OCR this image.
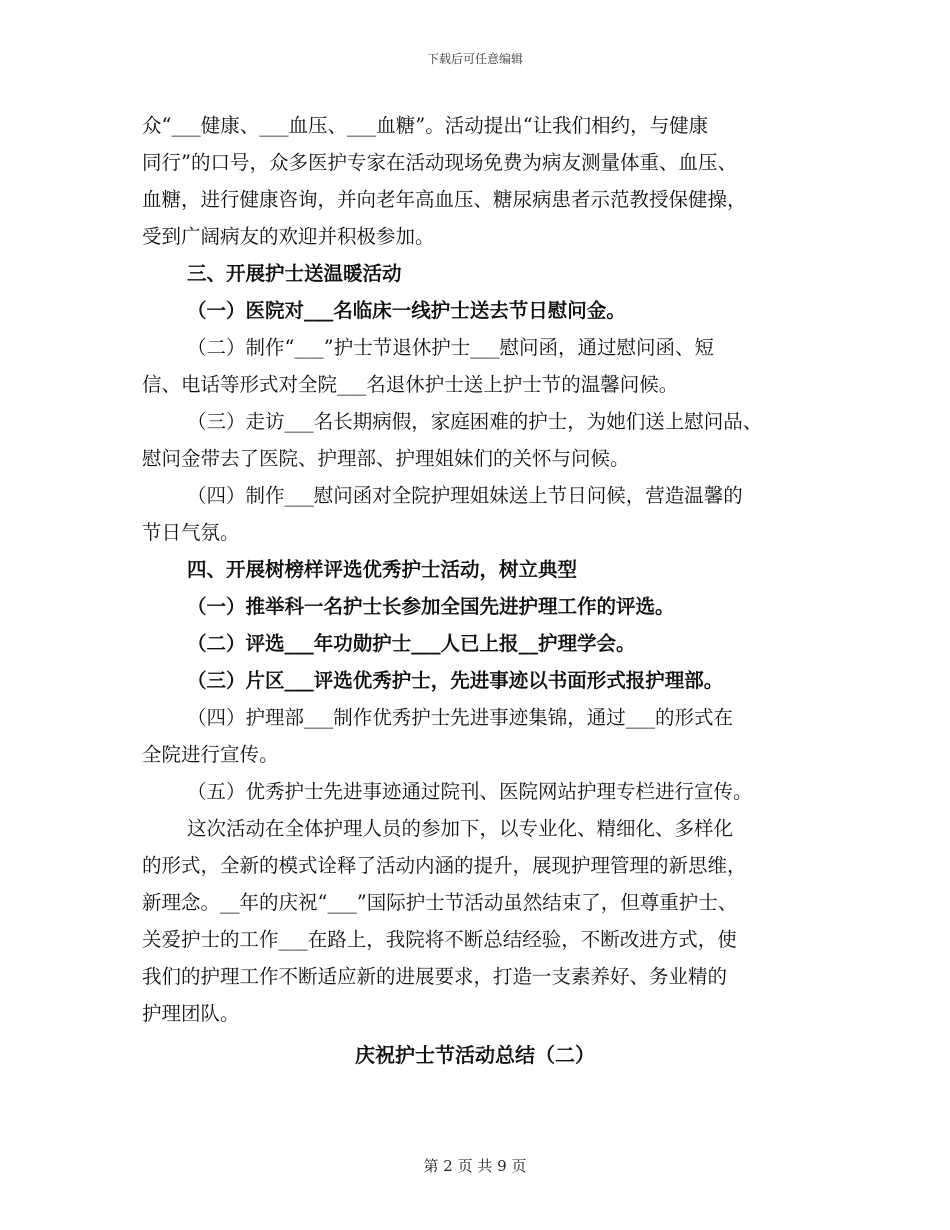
下载后可任意编辑
众“___健康、___血压、___血糖”。活动提出“让我们相约，与健康
同行”的口号，众多医护专家在活动现场免费为病友测量体重、血压、
血糖，进行健康咨询，并向老年高血压、糖尿病患者示范教授保健操，
受到广阔病友的欢迎并积极参加。
三、开展护士送温暖活动
（一）医院对___名临床一线护士送去节日慰问金。
（二）制作“___”护士节退休护士___慰问函，通过慰问函、短
信、电话等形式对全院___名退休护士送上护士节的温馨问候。
（三）走访___名长期病假，家庭困难的护士，为她们送上慰问品、
慰问金带去了医院、护理部、护理姐妹们的关怀与问候。
（四）制作___慰问函对全院护理姐妹送上节日问候，营造温馨的
节日气氛。
四、开展树榜样评选优秀护士活动，树立典型
（一）推举科一名护士长参加全国先进护理工作的评选。
（二）评选___年功勋护士___人已上报__护理学会。
（三）片区___评选优秀护士，先进事迹以书面形式报护理部。
（四）护理部___制作优秀护士先进事迹集锦，通过___的形式在
全院进行宣传。
（五）优秀护士先进事迹通过院刊、医院网站护理专栏进行宣传。
这次活动在全体护理人员的参加下，以专业化、精细化、多样化
的形式，全新的模式诠释了活动内涵的提升，展现护理管理的新思维，
新理念。__年的庆祝“___”国际护士节活动虽然结束了，但尊重护士、
关爱护士的工作___在路上，我院将不断总结经验，不断改进方式，使
我们的护理工作不断适应新的进展要求，打造一支素养好、务业精的
护理团队。
庆祝护士节活动总结（二）
第 2 页 共 9 页
